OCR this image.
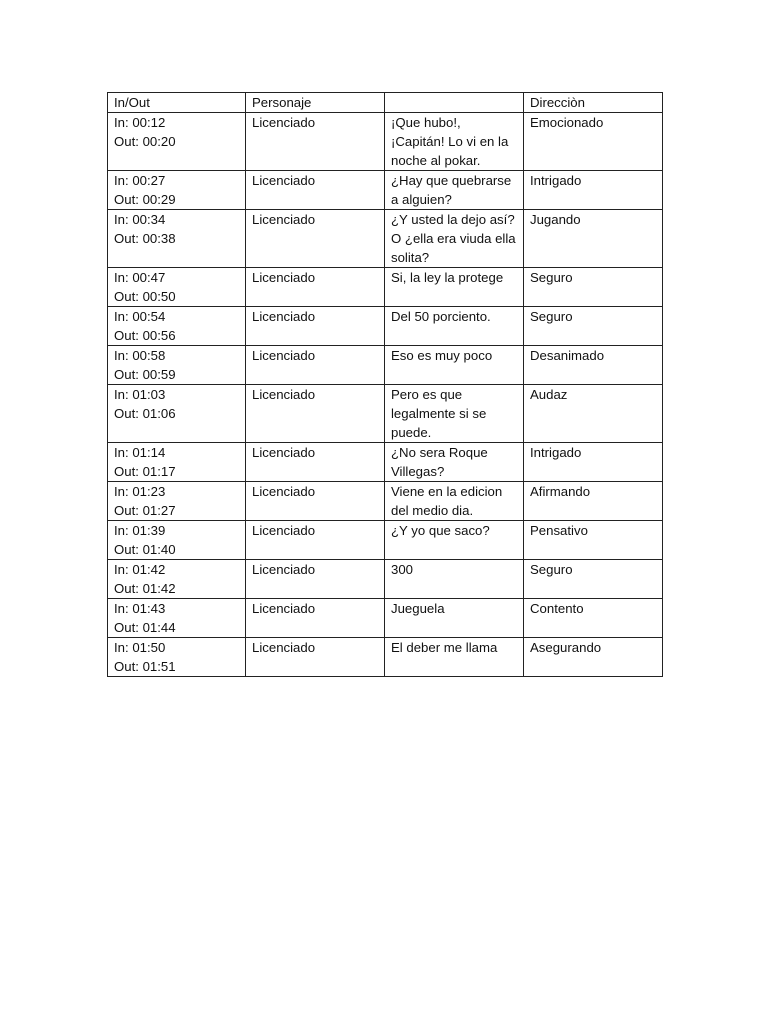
In/Out	Personaje		Direcciòn

In: 00:12
Out: 00:20	Licenciado	¡Que hubo!, ¡Capitán! Lo vi en la noche al pokar.	Emocionado

In: 00:27
Out: 00:29	Licenciado	¿Hay que quebrarse a alguien?	Intrigado

In: 00:34
Out: 00:38	Licenciado	¿Y usted la dejo así? O ¿ella era viuda ella solita?	Jugando

In: 00:47
Out: 00:50	Licenciado	Si, la ley la protege	Seguro

In: 00:54
Out: 00:56	Licenciado	Del 50 porciento.	Seguro

In: 00:58
Out: 00:59	Licenciado	Eso es muy poco	Desanimado

In: 01:03
Out: 01:06	Licenciado	Pero es que legalmente si se puede.	Audaz

In: 01:14
Out: 01:17	Licenciado	¿No sera Roque Villegas?	Intrigado

In: 01:23
Out: 01:27	Licenciado	Viene en la edicion del medio dia.	Afirmando

In: 01:39
Out: 01:40	Licenciado	¿Y yo que saco?	Pensativo

In: 01:42
Out: 01:42	Licenciado	300	Seguro

In: 01:43
Out: 01:44	Licenciado	Jueguela	Contento

In: 01:50
Out: 01:51	Licenciado	El deber me llama	Asegurando
